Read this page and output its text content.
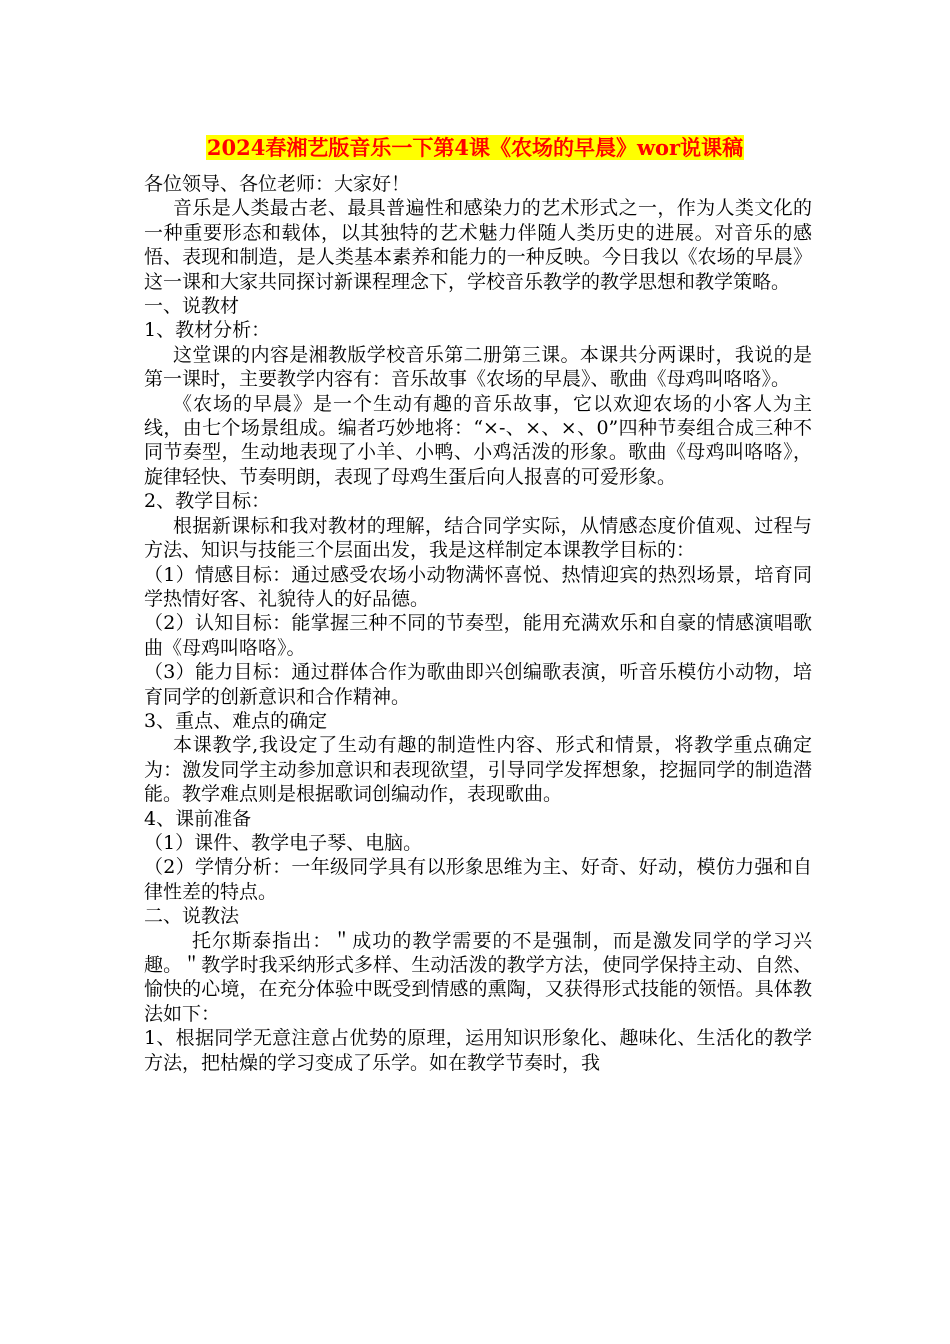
2024春湘艺版音乐一下第4课《农场的早晨》wor说课稿

各位领导、各位老师：大家好！

音乐是人类最古老、最具普遍性和感染力的艺术形式之一，作为人类文化的一种重要形态和载体，以其独特的艺术魅力伴随人类历史的进展。对音乐的感悟、表现和制造，是人类基本素养和能力的一种反映。今日我以《农场的早晨》这一课和大家共同探讨新课程理念下，学校音乐教学的教学思想和教学策略。

一、说教材

1、教材分析：

这堂课的内容是湘教版学校音乐第二册第三课。本课共分两课时，我说的是第一课时，主要教学内容有：音乐故事《农场的早晨》、歌曲《母鸡叫咯咯》。

《农场的早晨》是一个生动有趣的音乐故事，它以欢迎农场的小客人为主线，由七个场景组成。编者巧妙地将：“×-、×、×、0”四种节奏组合成三种不同节奏型，生动地表现了小羊、小鸭、小鸡活泼的形象。歌曲《母鸡叫咯咯》，旋律轻快、节奏明朗，表现了母鸡生蛋后向人报喜的可爱形象。

2、教学目标：

根据新课标和我对教材的理解，结合同学实际，从情感态度价值观、过程与方法、知识与技能三个层面出发，我是这样制定本课教学目标的：

（1）情感目标：通过感受农场小动物满怀喜悦、热情迎宾的热烈场景，培育同学热情好客、礼貌待人的好品德。

（2）认知目标：能掌握三种不同的节奏型，能用充满欢乐和自豪的情感演唱歌曲《母鸡叫咯咯》。

（3）能力目标：通过群体合作为歌曲即兴创编歌表演，听音乐模仿小动物，培育同学的创新意识和合作精神。

3、重点、难点的确定

本课教学,我设定了生动有趣的制造性内容、形式和情景，将教学重点确定为：激发同学主动参加意识和表现欲望，引导同学发挥想象，挖掘同学的制造潜能。教学难点则是根据歌词创编动作，表现歌曲。

4、课前准备

（1）课件、教学电子琴、电脑。

（2）学情分析：一年级同学具有以形象思维为主、好奇、好动，模仿力强和自律性差的特点。

二、说教法

托尔斯泰指出：＂成功的教学需要的不是强制，而是激发同学的学习兴趣。＂教学时我采纳形式多样、生动活泼的教学方法，使同学保持主动、自然、愉快的心境，在充分体验中既受到情感的熏陶，又获得形式技能的领悟。具体教法如下：

1、根据同学无意注意占优势的原理，运用知识形象化、趣味化、生活化的教学方法，把枯燥的学习变成了乐学。如在教学节奏时，我
